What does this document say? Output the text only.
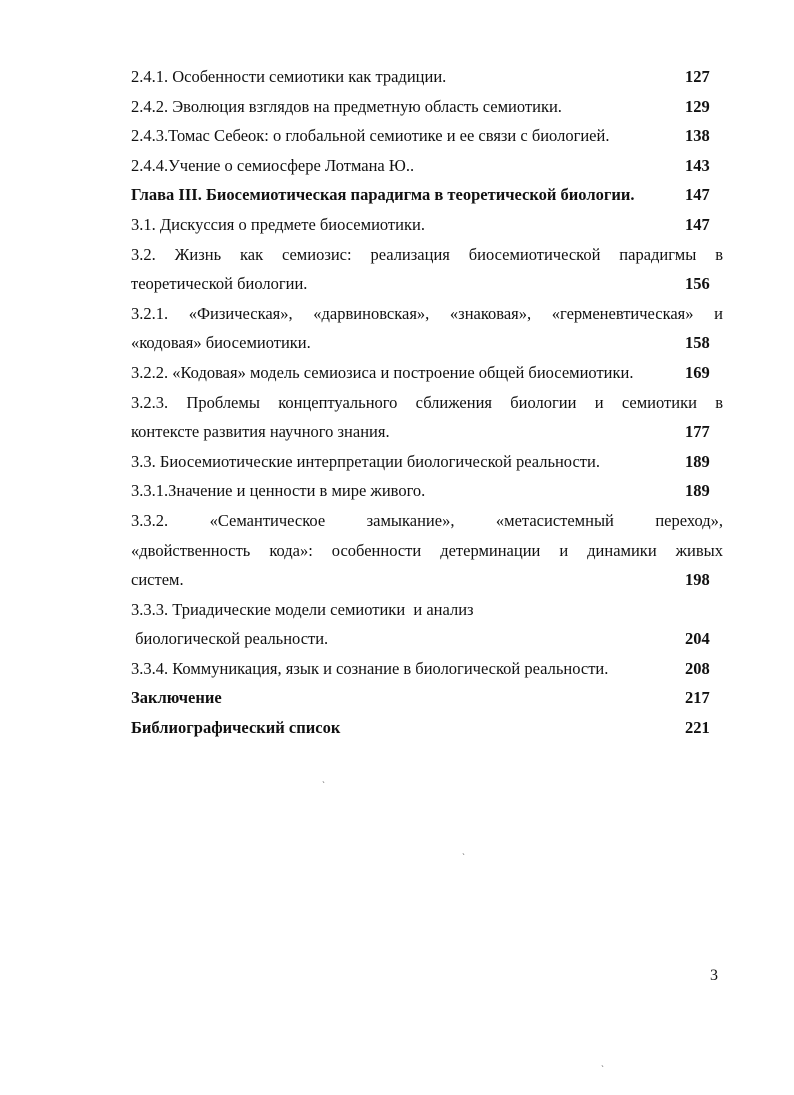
2.4.1. Особенности семиотики как традиции.	127
2.4.2. Эволюция взглядов на предметную область семиотики.	129
2.4.3.Томас Себеок: о глобальной семиотике и ее связи с биологией.	138
2.4.4.Учение о семиосфере Лотмана Ю..	143
Глава III. Биосемиотическая парадигма в теоретической биологии.	147
3.1. Дискуссия о предмете биосемиотики.	147
3.2. Жизнь как семиозис: реализация биосемиотической парадигмы в
теоретической биологии.	156
3.2.1. «Физическая», «дарвиновская», «знаковая», «герменевтическая» и
«кодовая» биосемиотики.	158
3.2.2. «Кодовая» модель семиозиса и построение общей биосемиотики.	169
3.2.3. Проблемы концептуального сближения биологии и семиотики в
контексте развития научного знания.	177
3.3. Биосемиотические интерпретации биологической реальности.	189
3.3.1.Значение и ценности в мире живого.	189
3.3.2. «Семантическое замыкание», «метасистемный переход»,
«двойственность кода»: особенности детерминации и динамики живых
систем.	198
3.3.3. Триадические модели семиотики  и анализ
биологической реальности.	204
3.3.4. Коммуникация, язык и сознание в биологической реальности.	208
Заключение	217
Библиографический список	221
3
˴
ˏ
˴
